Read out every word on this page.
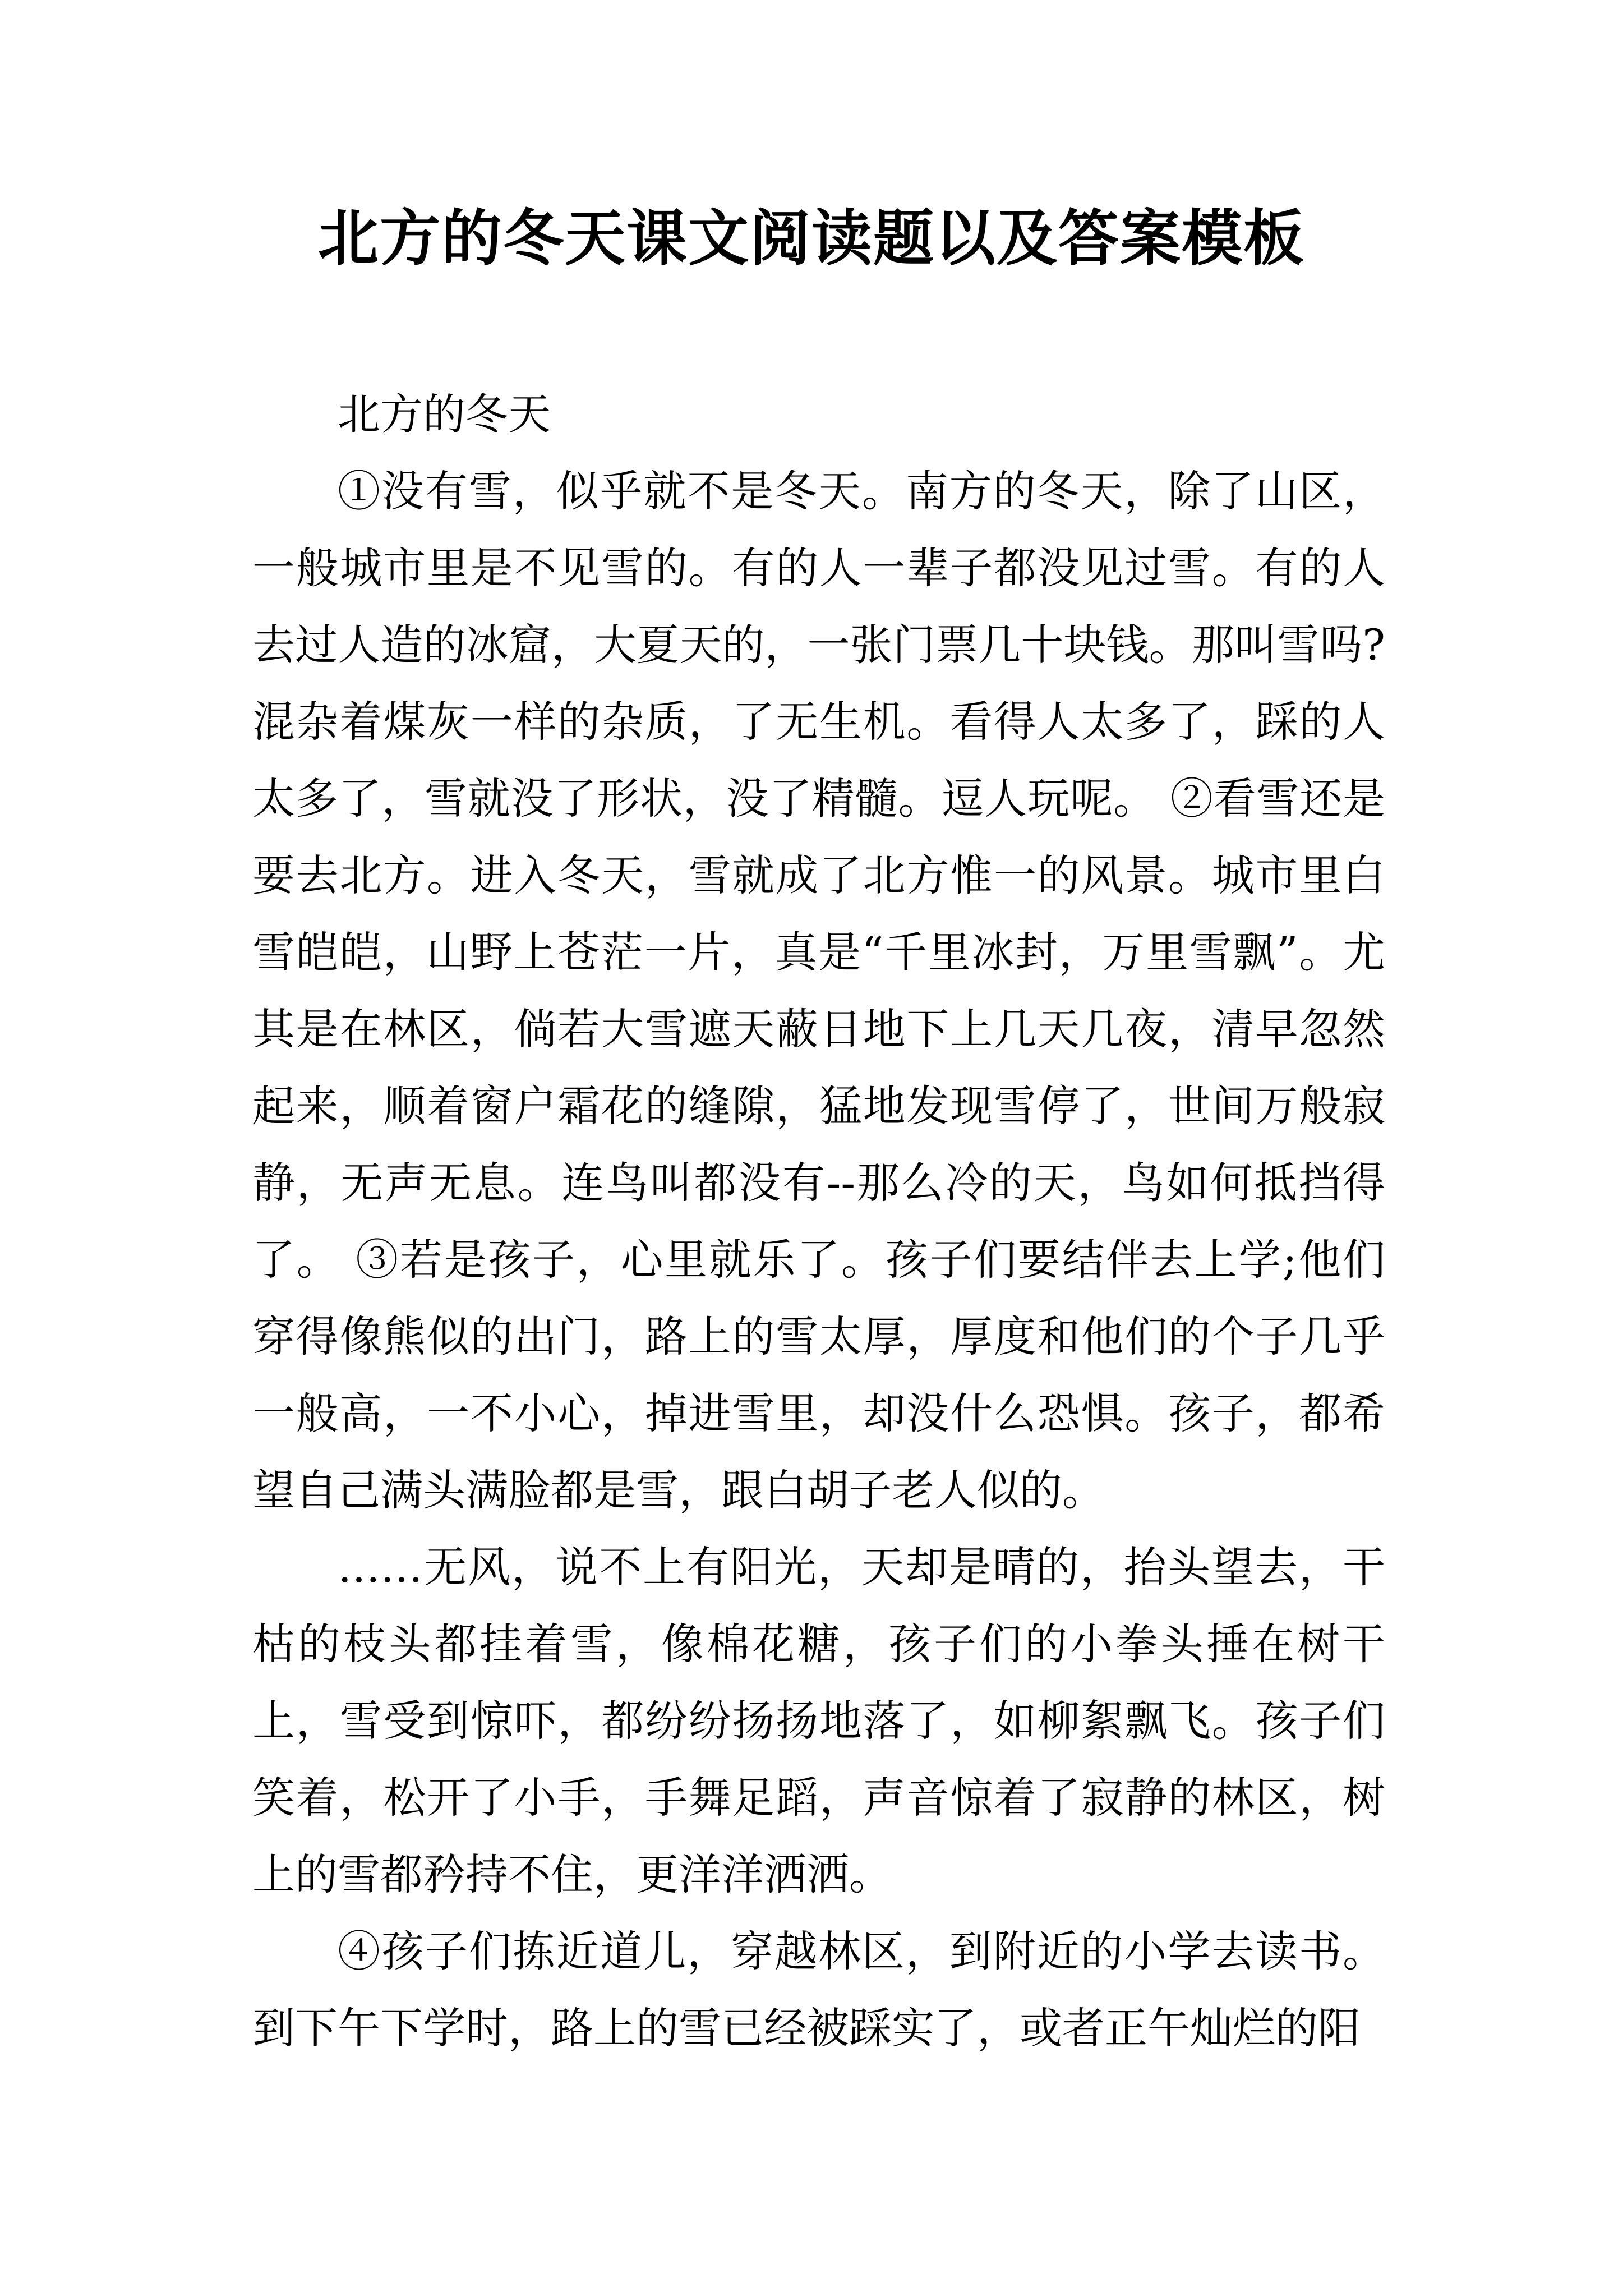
北方的冬天课文阅读题以及答案模板

北方的冬天

①没有雪，似乎就不是冬天。南方的冬天，除了山区，一般城市里是不见雪的。有的人一辈子都没见过雪。有的人去过人造的冰窟，大夏天的，一张门票几十块钱。那叫雪吗?混杂着煤灰一样的杂质，了无生机。看得人太多了，踩的人太多了，雪就没了形状，没了精髓。逗人玩呢。 ②看雪还是要去北方。进入冬天，雪就成了北方惟一的风景。城市里白雪皑皑，山野上苍茫一片，真是“千里冰封，万里雪飘”。尤其是在林区，倘若大雪遮天蔽日地下上几天几夜，清早忽然起来，顺着窗户霜花的缝隙，猛地发现雪停了，世间万般寂静，无声无息。连鸟叫都没有--那么冷的天，鸟如何抵挡得了。 ③若是孩子，心里就乐了。孩子们要结伴去上学;他们穿得像熊似的出门，路上的雪太厚，厚度和他们的个子几乎一般高，一不小心，掉进雪里，却没什么恐惧。孩子，都希望自己满头满脸都是雪，跟白胡子老人似的。

……无风，说不上有阳光，天却是晴的，抬头望去，干枯的枝头都挂着雪，像棉花糖，孩子们的小拳头捶在树干上，雪受到惊吓，都纷纷扬扬地落了，如柳絮飘飞。孩子们笑着，松开了小手，手舞足蹈，声音惊着了寂静的林区，树上的雪都矜持不住，更洋洋洒洒。

④孩子们拣近道儿，穿越林区，到附近的小学去读书。到下午下学时，路上的雪已经被踩实了，或者正午灿烂的阳
